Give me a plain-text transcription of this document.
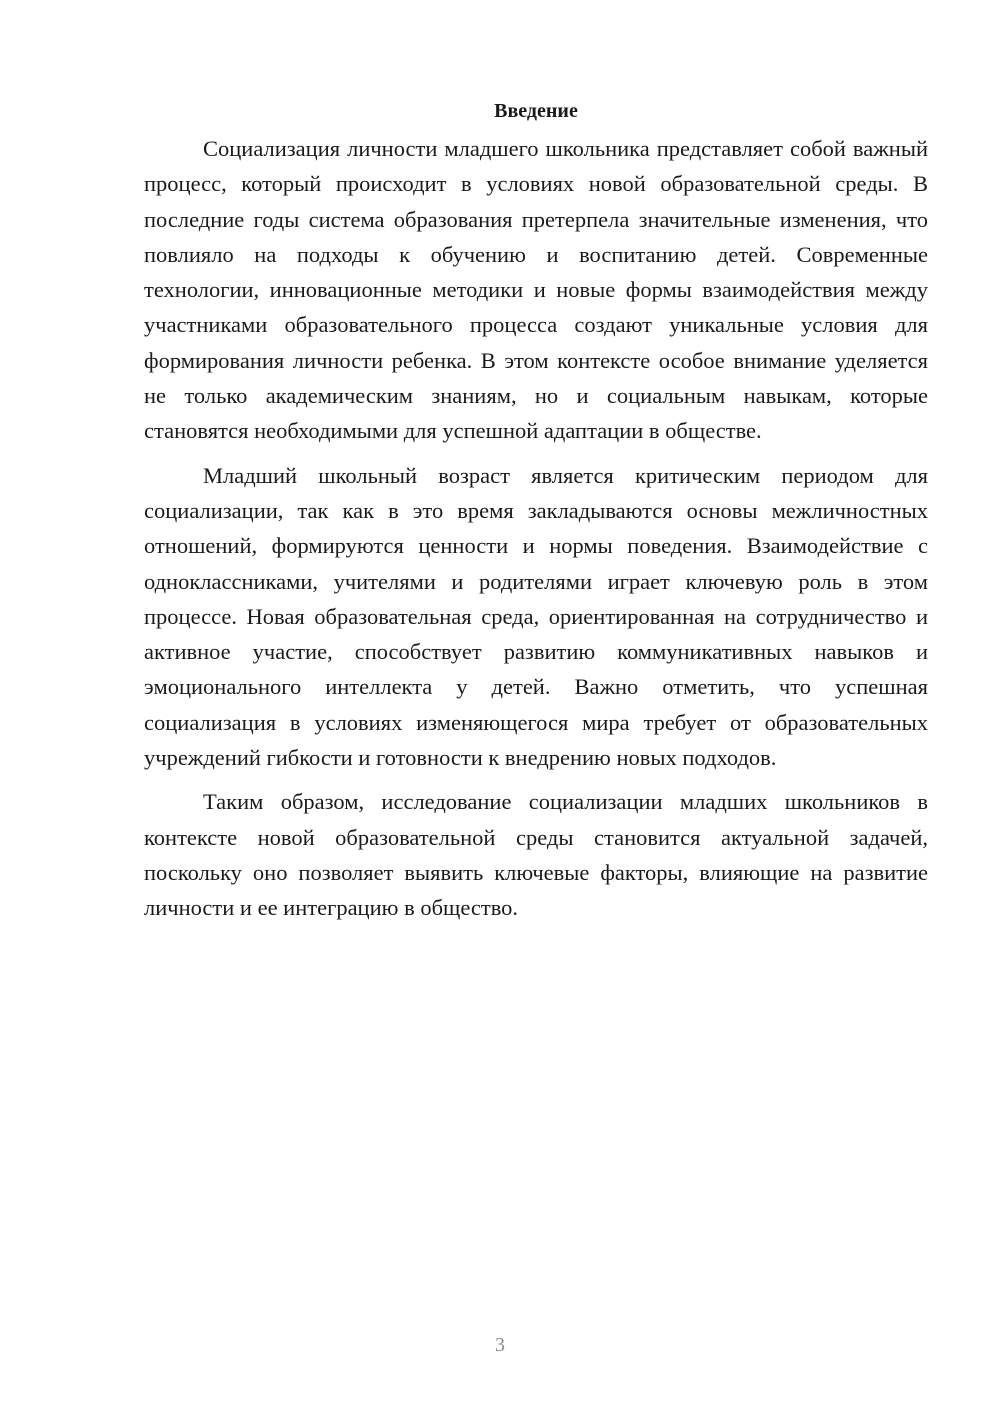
Введение

Социализация личности младшего школьника представляет собой важный процесс, который происходит в условиях новой образовательной среды. В последние годы система образования претерпела значительные изменения, что повлияло на подходы к обучению и воспитанию детей. Современные технологии, инновационные методики и новые формы взаимодействия между участниками образовательного процесса создают уникальные условия для формирования личности ребенка. В этом контексте особое внимание уделяется не только академическим знаниям, но и социальным навыкам, которые становятся необходимыми для успешной адаптации в обществе.

Младший школьный возраст является критическим периодом для социализации, так как в это время закладываются основы межличностных отношений, формируются ценности и нормы поведения. Взаимодействие с одноклассниками, учителями и родителями играет ключевую роль в этом процессе. Новая образовательная среда, ориентированная на сотрудничество и активное участие, способствует развитию коммуникативных навыков и эмоционального интеллекта у детей. Важно отметить, что успешная социализация в условиях изменяющегося мира требует от образовательных учреждений гибкости и готовности к внедрению новых подходов.

Таким образом, исследование социализации младших школьников в контексте новой образовательной среды становится актуальной задачей, поскольку оно позволяет выявить ключевые факторы, влияющие на развитие личности и ее интеграцию в общество.

3
